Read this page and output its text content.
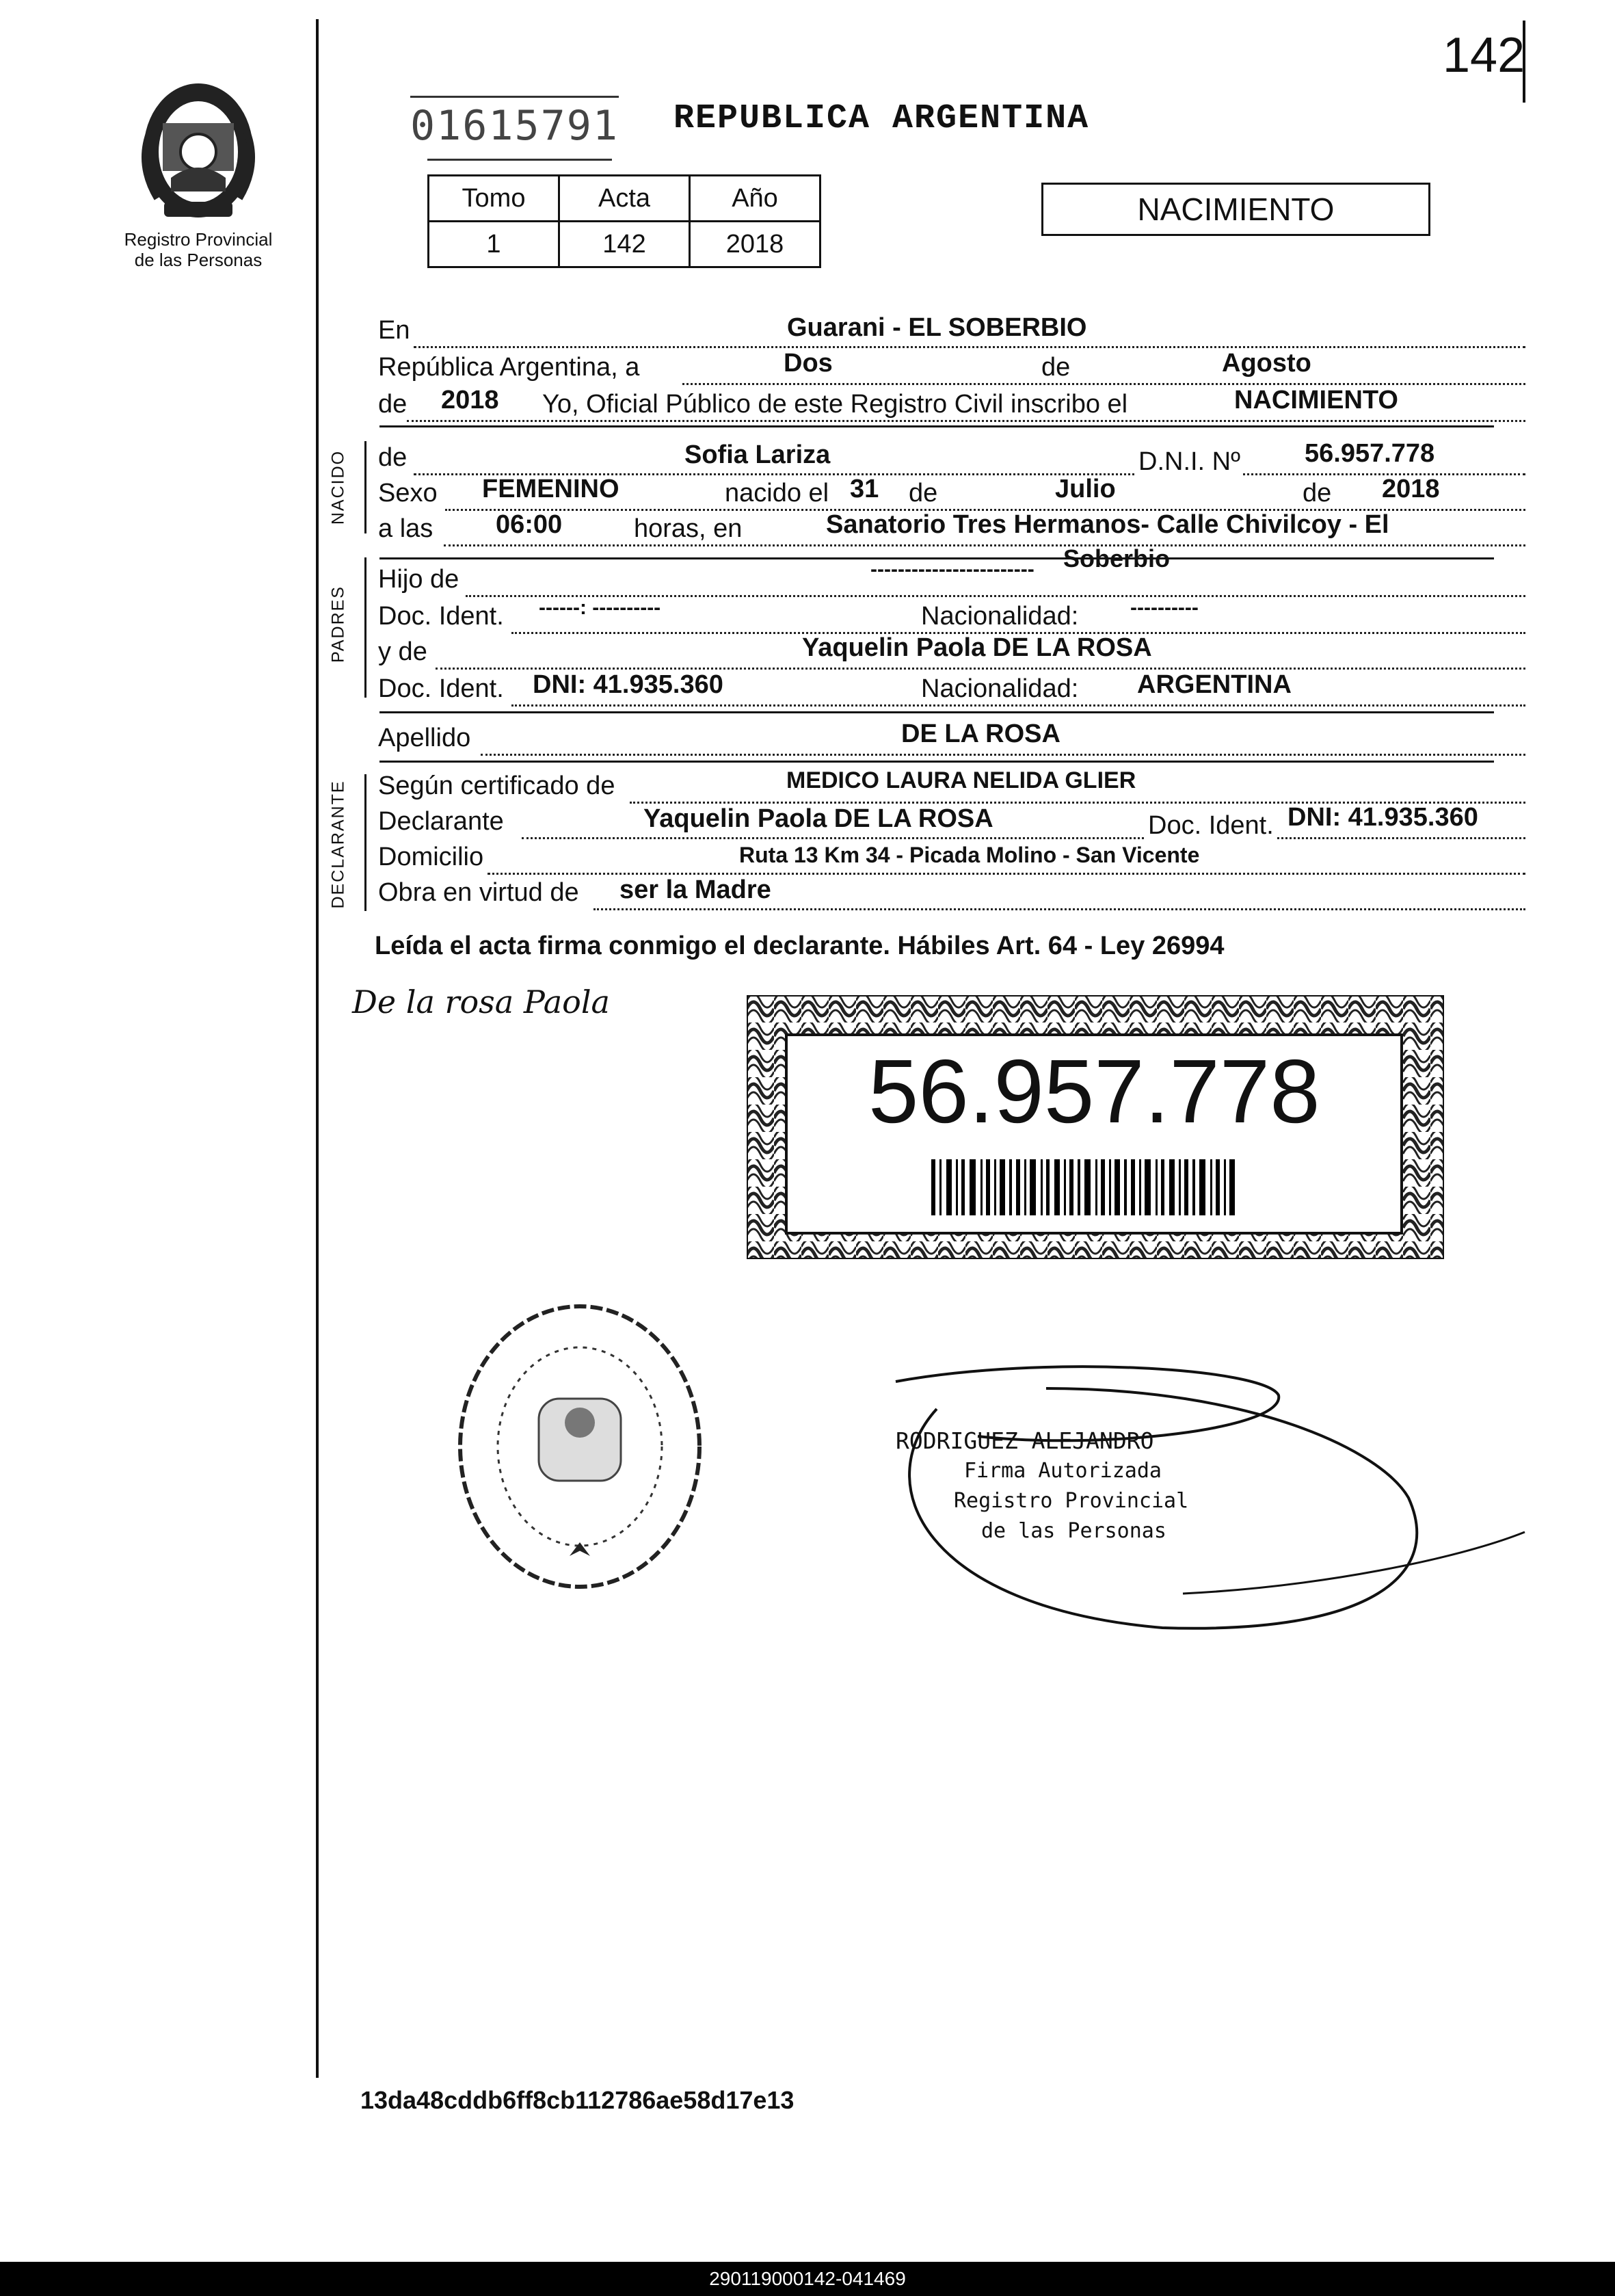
142
Registro Provincial
de las Personas
01615791 REPUBLICA ARGENTINA
Tomo	Acta	Año
1	142	2018
NACIMIENTO
En	Guarani - EL SOBERBIO
República Argentina, a	Dos	de	Agosto
de 2018 Yo, Oficial Público de este Registro Civil inscribo el	NACIMIENTO
NACIDO de	Sofia Lariza	D.N.I. Nº 56.957.778
Sexo FEMENINO	nacido el 31 de	Julio	de 2018
a las 06:00	horas, en	Sanatorio Tres Hermanos- Calle Chivilcoy - El
Soberbio
PADRES
Hijo de	------------------------
Doc. Ident. ------: ----------	Nacionalidad:	----------
y de	Yaquelin Paola DE LA ROSA
Doc. Ident. DNI: 41.935.360	Nacionalidad: ARGENTINA
Apellido	DE LA ROSA
DECLARANTE Según certificado de	MEDICO LAURA NELIDA GLIER
Declarante	Yaquelin Paola DE LA ROSA	Doc. Ident. DNI: 41.935.360
Domicilio	Ruta 13 Km 34 - Picada Molino - San Vicente
Obra en virtud de ser la Madre
Leída el acta firma conmigo el declarante. Hábiles Art. 64 - Ley 26994
De la rosa Paola
56.957.778
RODRIGUEZ ALEJANDRO
Firma Autorizada
Registro Provincial
de las Personas
13da48cddb6ff8cb112786ae58d17e13
290119000142-041469
